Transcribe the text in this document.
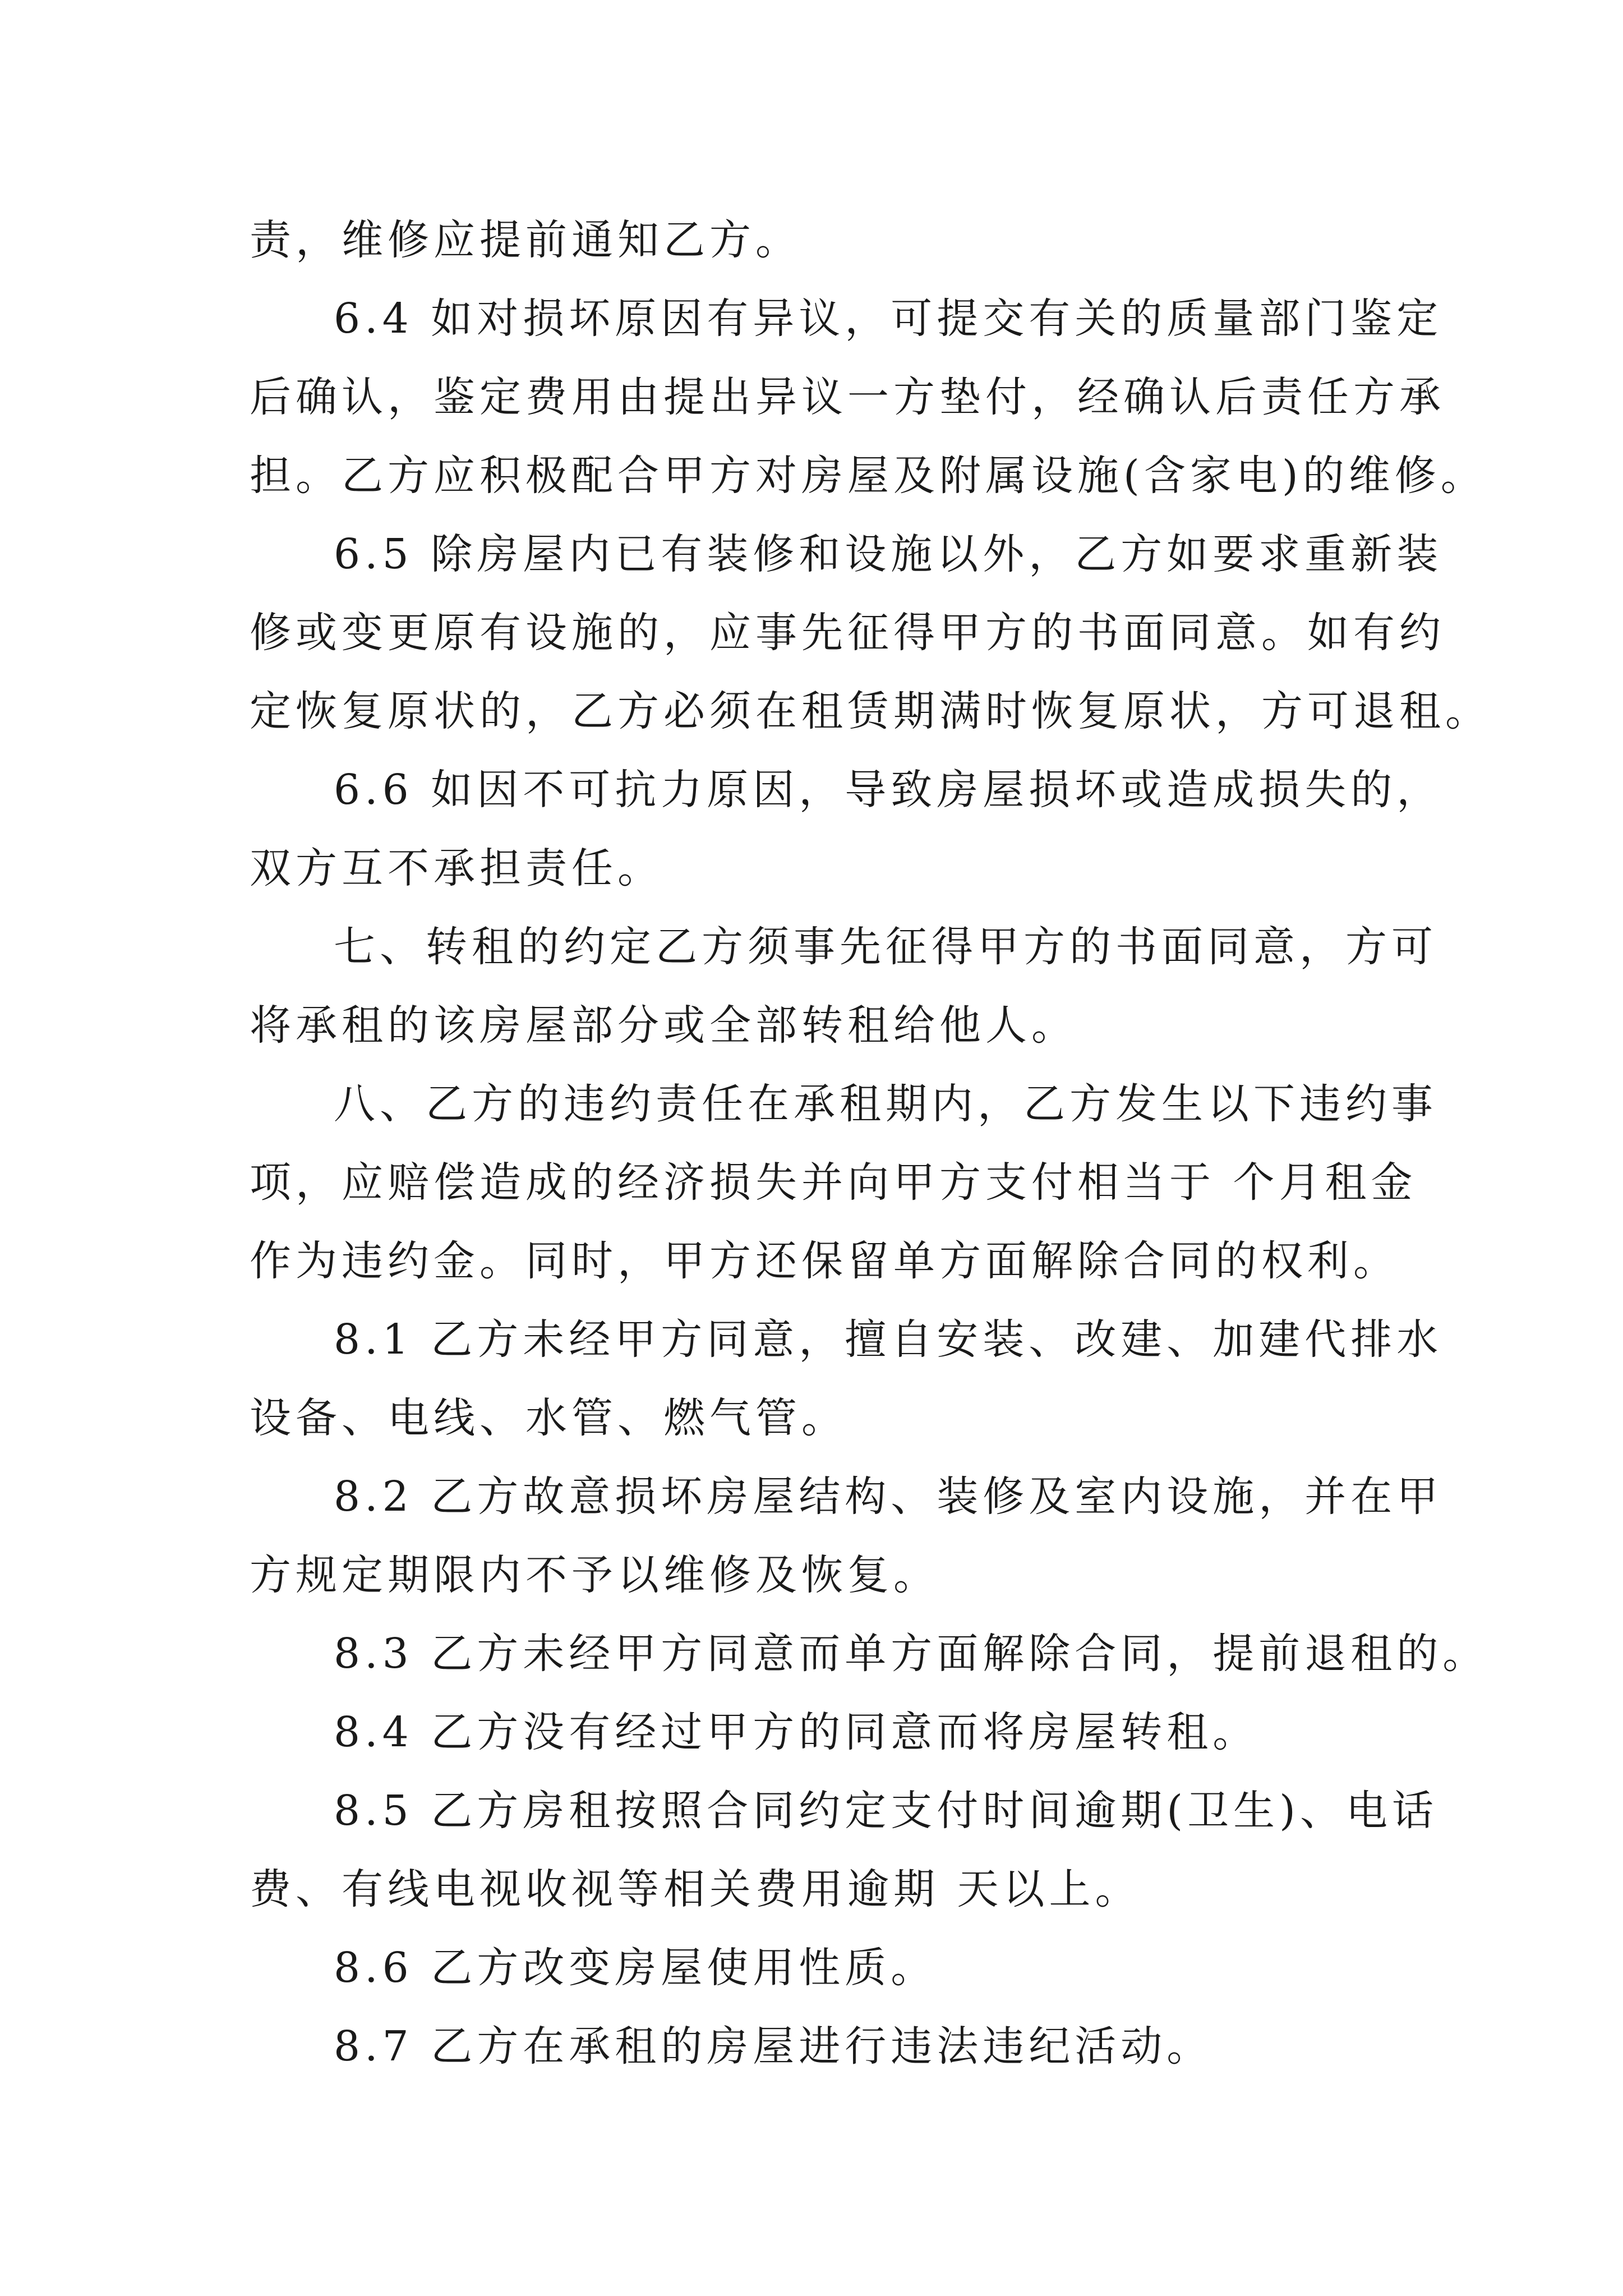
责，维修应提前通知乙方。
6.4 如对损坏原因有异议，可提交有关的质量部门鉴定
后确认，鉴定费用由提出异议一方垫付，经确认后责任方承
担。乙方应积极配合甲方对房屋及附属设施(含家电)的维修。
6.5 除房屋内已有装修和设施以外，乙方如要求重新装
修或变更原有设施的，应事先征得甲方的书面同意。如有约
定恢复原状的，乙方必须在租赁期满时恢复原状，方可退租。
6.6 如因不可抗力原因，导致房屋损坏或造成损失的，
双方互不承担责任。
七、转租的约定乙方须事先征得甲方的书面同意，方可
将承租的该房屋部分或全部转租给他人。
八、乙方的违约责任在承租期内，乙方发生以下违约事
项，应赔偿造成的经济损失并向甲方支付相当于 个月租金
作为违约金。同时，甲方还保留单方面解除合同的权利。
8.1 乙方未经甲方同意，擅自安装、改建、加建代排水
设备、电线、水管、燃气管。
8.2 乙方故意损坏房屋结构、装修及室内设施，并在甲
方规定期限内不予以维修及恢复。
8.3 乙方未经甲方同意而单方面解除合同，提前退租的。
8.4 乙方没有经过甲方的同意而将房屋转租。
8.5 乙方房租按照合同约定支付时间逾期(卫生)、电话
费、有线电视收视等相关费用逾期 天以上。
8.6 乙方改变房屋使用性质。
8.7 乙方在承租的房屋进行违法违纪活动。
